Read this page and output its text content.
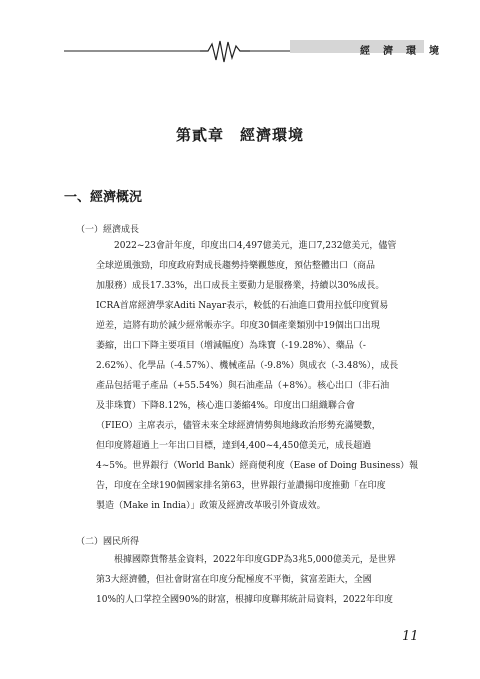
經濟環境
第貳章　經濟環境
一、經濟概況
（一）經濟成長
2022~23會計年度，印度出口4,497億美元，進口7,232億美元，儘管
全球逆風強勁，印度政府對成長趨勢持樂觀態度，預估整體出口（商品
加服務）成長17.33%，出口成長主要動力是服務業，持續以30%成長。
ICRA首席經濟學家Aditi Nayar表示，較低的石油進口費用拉低印度貿易
逆差，這將有助於減少經常帳赤字。印度30個產業類別中19個出口出現
萎縮，出口下降主要項目（增減幅度）為珠寶（-19.28%）、藥品（-
2.62%）、化學品（-4.57%）、機械產品（-9.8%）與成衣（-3.48%），成長
產品包括電子產品（+55.54%）與石油產品（+8%）。核心出口（非石油
及非珠寶）下降8.12%，核心進口萎縮4%。印度出口組織聯合會
（FIEO）主席表示，儘管未來全球經濟情勢與地緣政治形勢充滿變數，
但印度將超過上一年出口目標，達到4,400~4,450億美元，成長超過
4~5%。世界銀行（World Bank）經商便利度（Ease of Doing Business）報
告，印度在全球190個國家排名第63，世界銀行並讚揚印度推動「在印度
製造（Make in India）」政策及經濟改革吸引外資成效。
（二）國民所得
根據國際貨幣基金資料，2022年印度GDP為3兆5,000億美元，是世界
第3大經濟體，但社會財富在印度分配極度不平衡，貧富差距大，全國
10%的人口掌控全國90%的財富，根據印度聯邦統計局資料，2022年印度
11
